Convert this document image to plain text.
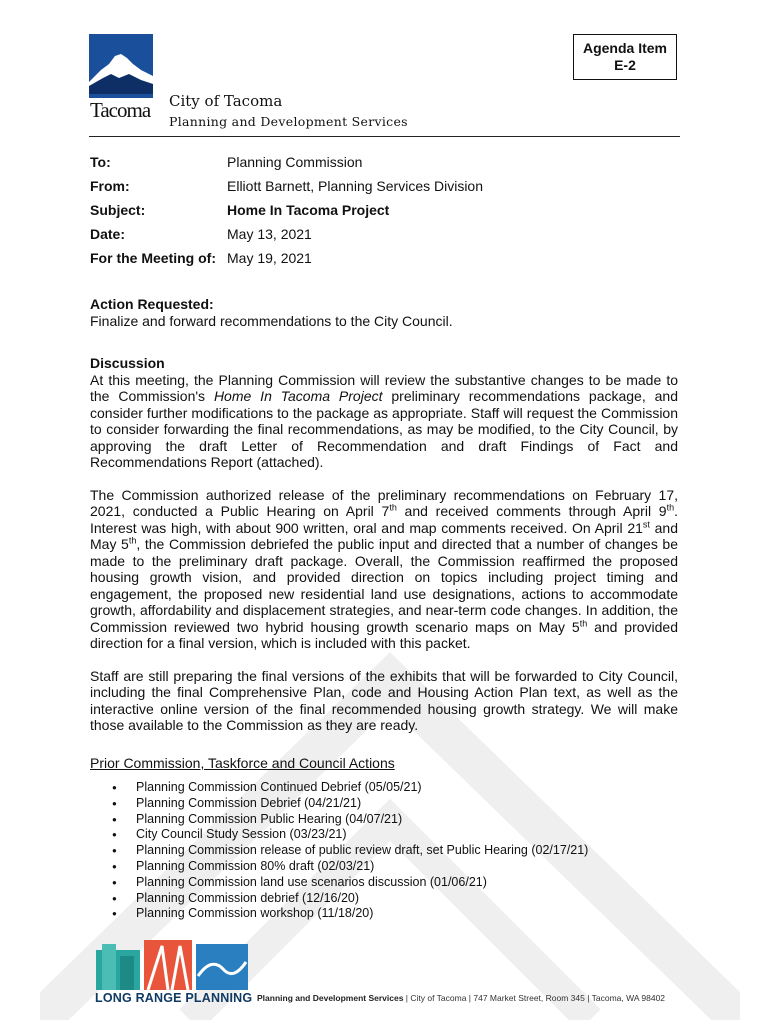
Tacoma City of Tacoma
Planning and Development Services
Agenda Item
E-2
To:	Planning Commission
From:	Elliott Barnett, Planning Services Division
Subject:	Home In Tacoma Project
Date:	May 13, 2021
For the Meeting of: May 19, 2021
Action Requested:
Finalize and forward recommendations to the City Council.
Discussion
At this meeting, the Planning Commission will review the substantive changes to be made to the Commission's Home In Tacoma Project preliminary recommendations package, and consider further modifications to the package as appropriate. Staff will request the Commission to consider forwarding the final recommendations, as may be modified, to the City Council, by approving the draft Letter of Recommendation and draft Findings of Fact and Recommendations Report (attached).
The Commission authorized release of the preliminary recommendations on February 17, 2021, conducted a Public Hearing on April 7th and received comments through April 9th. Interest was high, with about 900 written, oral and map comments received. On April 21st and May 5th, the Commission debriefed the public input and directed that a number of changes be made to the preliminary draft package. Overall, the Commission reaffirmed the proposed housing growth vision, and provided direction on topics including project timing and engagement, the proposed new residential land use designations, actions to accommodate growth, affordability and displacement strategies, and near-term code changes. In addition, the Commission reviewed two hybrid housing growth scenario maps on May 5th and provided direction for a final version, which is included with this packet.
Staff are still preparing the final versions of the exhibits that will be forwarded to City Council, including the final Comprehensive Plan, code and Housing Action Plan text, as well as the interactive online version of the final recommended housing growth strategy. We will make those available to the Commission as they are ready.
Prior Commission, Taskforce and Council Actions
● Planning Commission Continued Debrief (05/05/21)
● Planning Commission Debrief (04/21/21)
● Planning Commission Public Hearing (04/07/21)
● City Council Study Session (03/23/21)
● Planning Commission release of public review draft, set Public Hearing (02/17/21)
● Planning Commission 80% draft (02/03/21)
● Planning Commission land use scenarios discussion (01/06/21)
● Planning Commission debrief (12/16/20)
● Planning Commission workshop (11/18/20)
LONG RANGE PLANNING Planning and Development Services | City of Tacoma | 747 Market Street, Room 345 | Tacoma, WA 98402
